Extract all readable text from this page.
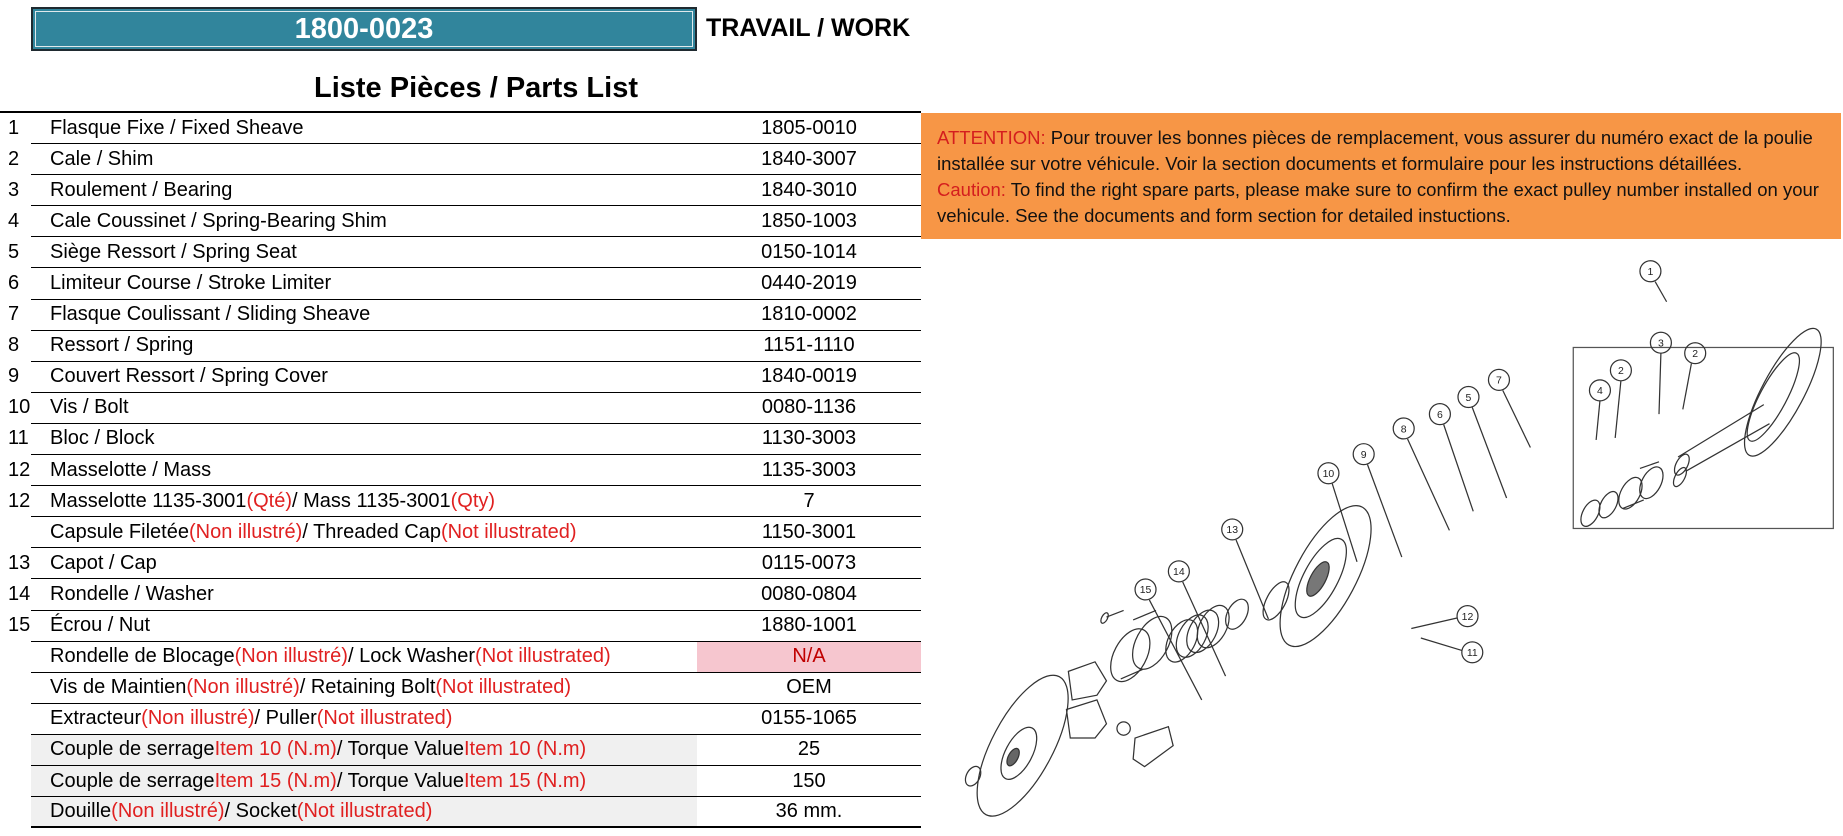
1800-0023	TRAVAIL / WORK
Liste Pièces / Parts List
1	Flasque Fixe / Fixed Sheave	1805-0010
2	Cale / Shim	1840-3007
3	Roulement / Bearing	1840-3010
4	Cale Coussinet / Spring-Bearing Shim	1850-1003
5	Siège Ressort / Spring Seat	0150-1014
6	Limiteur Course / Stroke Limiter	0440-2019
7	Flasque Coulissant / Sliding Sheave	1810-0002
8	Ressort / Spring	1151-1110
9	Couvert Ressort / Spring Cover	1840-0019
10 Vis / Bolt	0080-1136
11	Bloc / Block	1130-3003
12 Masselotte / Mass	1135-3003
12 Masselotte 1135-3001 (Qté) / Mass 1135-3001 (Qty)	7
Capsule Filetée (Non illustré) / Threaded Cap (Not illustrated)	1150-3001
13 Capot / Cap	0115-0073
14 Rondelle / Washer	0080-0804
15 Écrou / Nut	1880-1001
Rondelle de Blocage (Non illustré) / Lock Washer (Not illustrated)	N/A
Vis de Maintien (Non illustré) / Retaining Bolt (Not illustrated)	OEM
Extracteur (Non illustré) / Puller (Not illustrated)	0155-1065
Couple de serrage Item 10 (N.m) / Torque Value Item 10 (N.m)	25
Couple de serrage Item 15 (N.m) / Torque Value Item 15 (N.m)	150
Douille (Non illustré) / Socket (Not illustrated)	36 mm.
ATTENTION: Pour trouver les bonnes pièces de remplacement, vous assurer du numéro exact de la poulie installée sur votre véhicule. Voir la section documents et formulaire pour les instructions détaillées.
Caution: To find the right spare parts, please make sure to confirm the exact pulley number installed on your vehicule. See the documents and form section for detailed instuctions.
1
3
2
2
4
7
5
6
8
9
10
13
14
15
12
11
